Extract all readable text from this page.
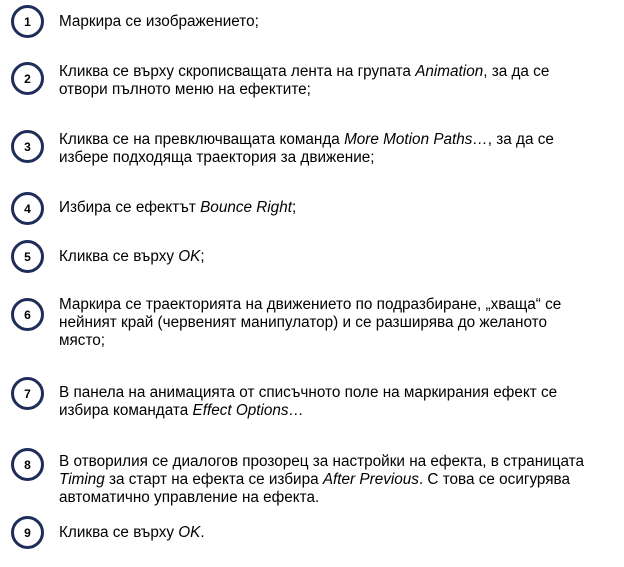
1	Маркира се изображението;
2	Кликва се върху скрописващата лента на групата Animation, за да се
отвори пълното меню на ефектите;
3	Кликва се на превключващата команда More Motion Paths…, за да се
избере подходяща траектория за движение;
4	Избира се ефектът Bounce Right;
5	Кликва се върху OK;
6
Маркира се траекторията на движението по подразбиране, „хваща“ се
нейният край (червеният манипулатор) и се разширява до желаното
място;
7	В панела на анимацията от списъчното поле на маркирания ефект се
избира командата Effect Options…
8	В отворилия се диалогов прозорец за настройки на ефекта, в страницата
Timing за старт на ефекта се избира After Previous. С това се осигурява
автоматично управление на ефекта.
9	Кликва се върху OK.
